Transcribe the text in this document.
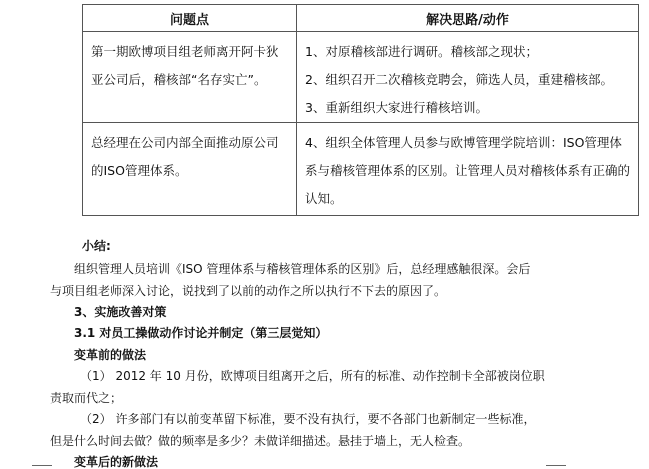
问题点	解决思路/动作
第一期欧博项目组老师离开阿卡狄亚公司后，稽核部“名存实亡”。	1、对原稽核部进行调研。稽核部之现状；
2、组织召开二次稽核竞聘会，筛选人员，重建稽核部。
3、重新组织大家进行稽核培训。

总经理在公司内部全面推动原公司的ISO管理体系。	4、组织全体管理人员参与欧博管理学院培训：ISO管理体系与稽核管理体系的区别。让管理人员对稽核体系有正确的认知。
小结:
组织管理人员培训《ISO 管理体系与稽核管理体系的区别》后，总经理感触很深。会后
与项目组老师深入讨论，说找到了以前的动作之所以执行不下去的原因了。
3、实施改善对策
3.1 对员工操做动作讨论并制定（第三层觉知）
变革前的做法
（1） 2012 年 10 月份，欧博项目组离开之后，所有的标准、动作控制卡全部被岗位职
责取而代之；
（2） 许多部门有以前变革留下标准，要不没有执行，要不各部门也新制定一些标准，
但是什么时间去做？做的频率是多少？未做详细描述。悬挂于墙上，无人检查。
变革后的新做法
